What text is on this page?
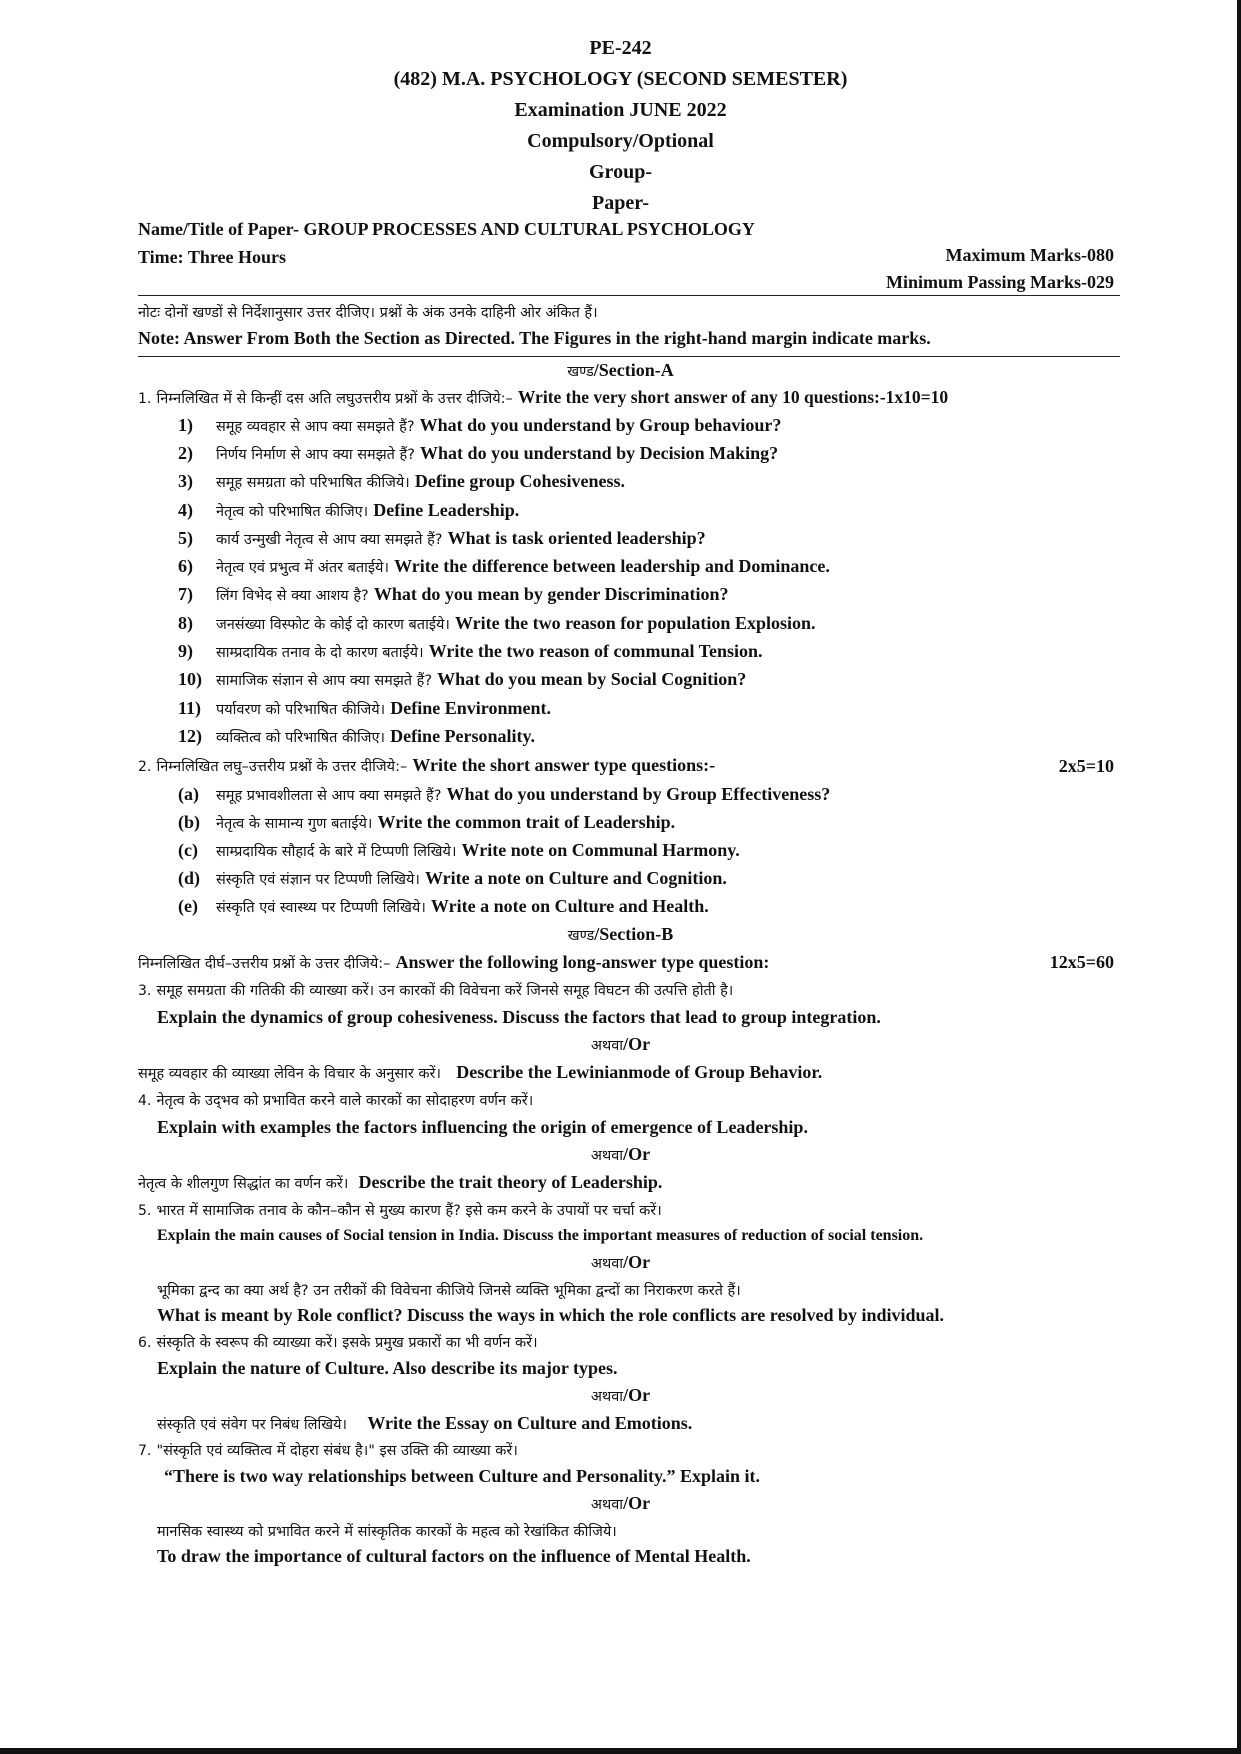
PE-242
(482) M.A. PSYCHOLOGY (SECOND SEMESTER)
Examination JUNE 2022
Compulsory/Optional
Group-
Paper-
Name/Title of Paper- GROUP PROCESSES AND CULTURAL PSYCHOLOGY
Time: Three Hours	Maximum Marks-080
Minimum Passing Marks-029
नोटः दोनों खण्डों से निर्देशानुसार उत्तर दीजिए। प्रश्नों के अंक उनके दाहिनी ओर अंकित हैं।
Note: Answer From Both the Section as Directed. The Figures in the right-hand margin indicate marks.
खण्ड/Section-A
1. निम्नलिखित में से किन्हीं दस अति लघुउत्तरीय प्रश्नों के उत्तर दीजिये:– Write the very short answer of any 10 questions:-1x10=10
1) समूह व्यवहार से आप क्या समझते हैं? What do you understand by Group behaviour?
2) निर्णय निर्माण से आप क्या समझते हैं? What do you understand by Decision Making?
3) समूह समग्रता को परिभाषित कीजिये। Define group Cohesiveness.
4) नेतृत्व को परिभाषित कीजिए। Define Leadership.
5) कार्य उन्मुखी नेतृत्व से आप क्या समझते हैं? What is task oriented leadership?
6) नेतृत्व एवं प्रभुत्व में अंतर बताईये। Write the difference between leadership and Dominance.
7) लिंग विभेद से क्या आशय है? What do you mean by gender Discrimination?
8) जनसंख्या विस्फोट के कोई दो कारण बताईये। Write the two reason for population Explosion.
9) साम्प्रदायिक तनाव के दो कारण बताईये। Write the two reason of communal Tension.
10) सामाजिक संज्ञान से आप क्या समझते हैं? What do you mean by Social Cognition?
11) पर्यावरण को परिभाषित कीजिये। Define Environment.
12) व्यक्तित्व को परिभाषित कीजिए। Define Personality.
2. निम्नलिखित लघु–उत्तरीय प्रश्नों के उत्तर दीजिये:– Write the short answer type questions:-	2x5=10
(a) समूह प्रभावशीलता से आप क्या समझते हैं? What do you understand by Group Effectiveness?
(b) नेतृत्व के सामान्य गुण बताईये। Write the common trait of Leadership.
(c) साम्प्रदायिक सौहार्द के बारे में टिप्पणी लिखिये। Write note on Communal Harmony.
(d) संस्कृति एवं संज्ञान पर टिप्पणी लिखिये। Write a note on Culture and Cognition.
(e) संस्कृति एवं स्वास्थ्य पर टिप्पणी लिखिये। Write a note on Culture and Health.
खण्ड/Section-B
निम्नलिखित दीर्घ–उत्तरीय प्रश्नों के उत्तर दीजिये:– Answer the following long-answer type question:	12x5=60
3. समूह समग्रता की गतिकी की व्याख्या करें। उन कारकों की विवेचना करें जिनसे समूह विघटन की उत्पत्ति होती है।
Explain the dynamics of group cohesiveness. Discuss the factors that lead to group integration.
अथवा/Or
समूह व्यवहार की व्याख्या लेविन के विचार के अनुसार करें। Describe the Lewinianmode of Group Behavior.
4. नेतृत्व के उद्‌भव को प्रभावित करने वाले कारकों का सोदाहरण वर्णन करें।
Explain with examples the factors influencing the origin of emergence of Leadership.
अथवा/Or
नेतृत्व के शीलगुण सिद्धांत का वर्णन करें। Describe the trait theory of Leadership.
5. भारत में सामाजिक तनाव के कौन–कौन से मुख्य कारण हैं? इसे कम करने के उपायों पर चर्चा करें।
Explain the main causes of Social tension in India. Discuss the important measures of reduction of social tension.
अथवा/Or
भूमिका द्वन्द का क्या अर्थ है? उन तरीकों की विवेचना कीजिये जिनसे व्यक्ति भूमिका द्वन्दों का निराकरण करते हैं।
What is meant by Role conflict? Discuss the ways in which the role conflicts are resolved by individual.
6. संस्कृति के स्वरूप की व्याख्या करें। इसके प्रमुख प्रकारों का भी वर्णन करें।
Explain the nature of Culture. Also describe its major types.
अथवा/Or
संस्कृति एवं संवेग पर निबंध लिखिये। Write the Essay on Culture and Emotions.
7. "संस्कृति एवं व्यक्तित्व में दोहरा संबंध है।" इस उक्ति की व्याख्या करें।
“There is two way relationships between Culture and Personality.” Explain it.
अथवा/Or
मानसिक स्वास्थ्य को प्रभावित करने में सांस्कृतिक कारकों के महत्व को रेखांकित कीजिये।
To draw the importance of cultural factors on the influence of Mental Health.
